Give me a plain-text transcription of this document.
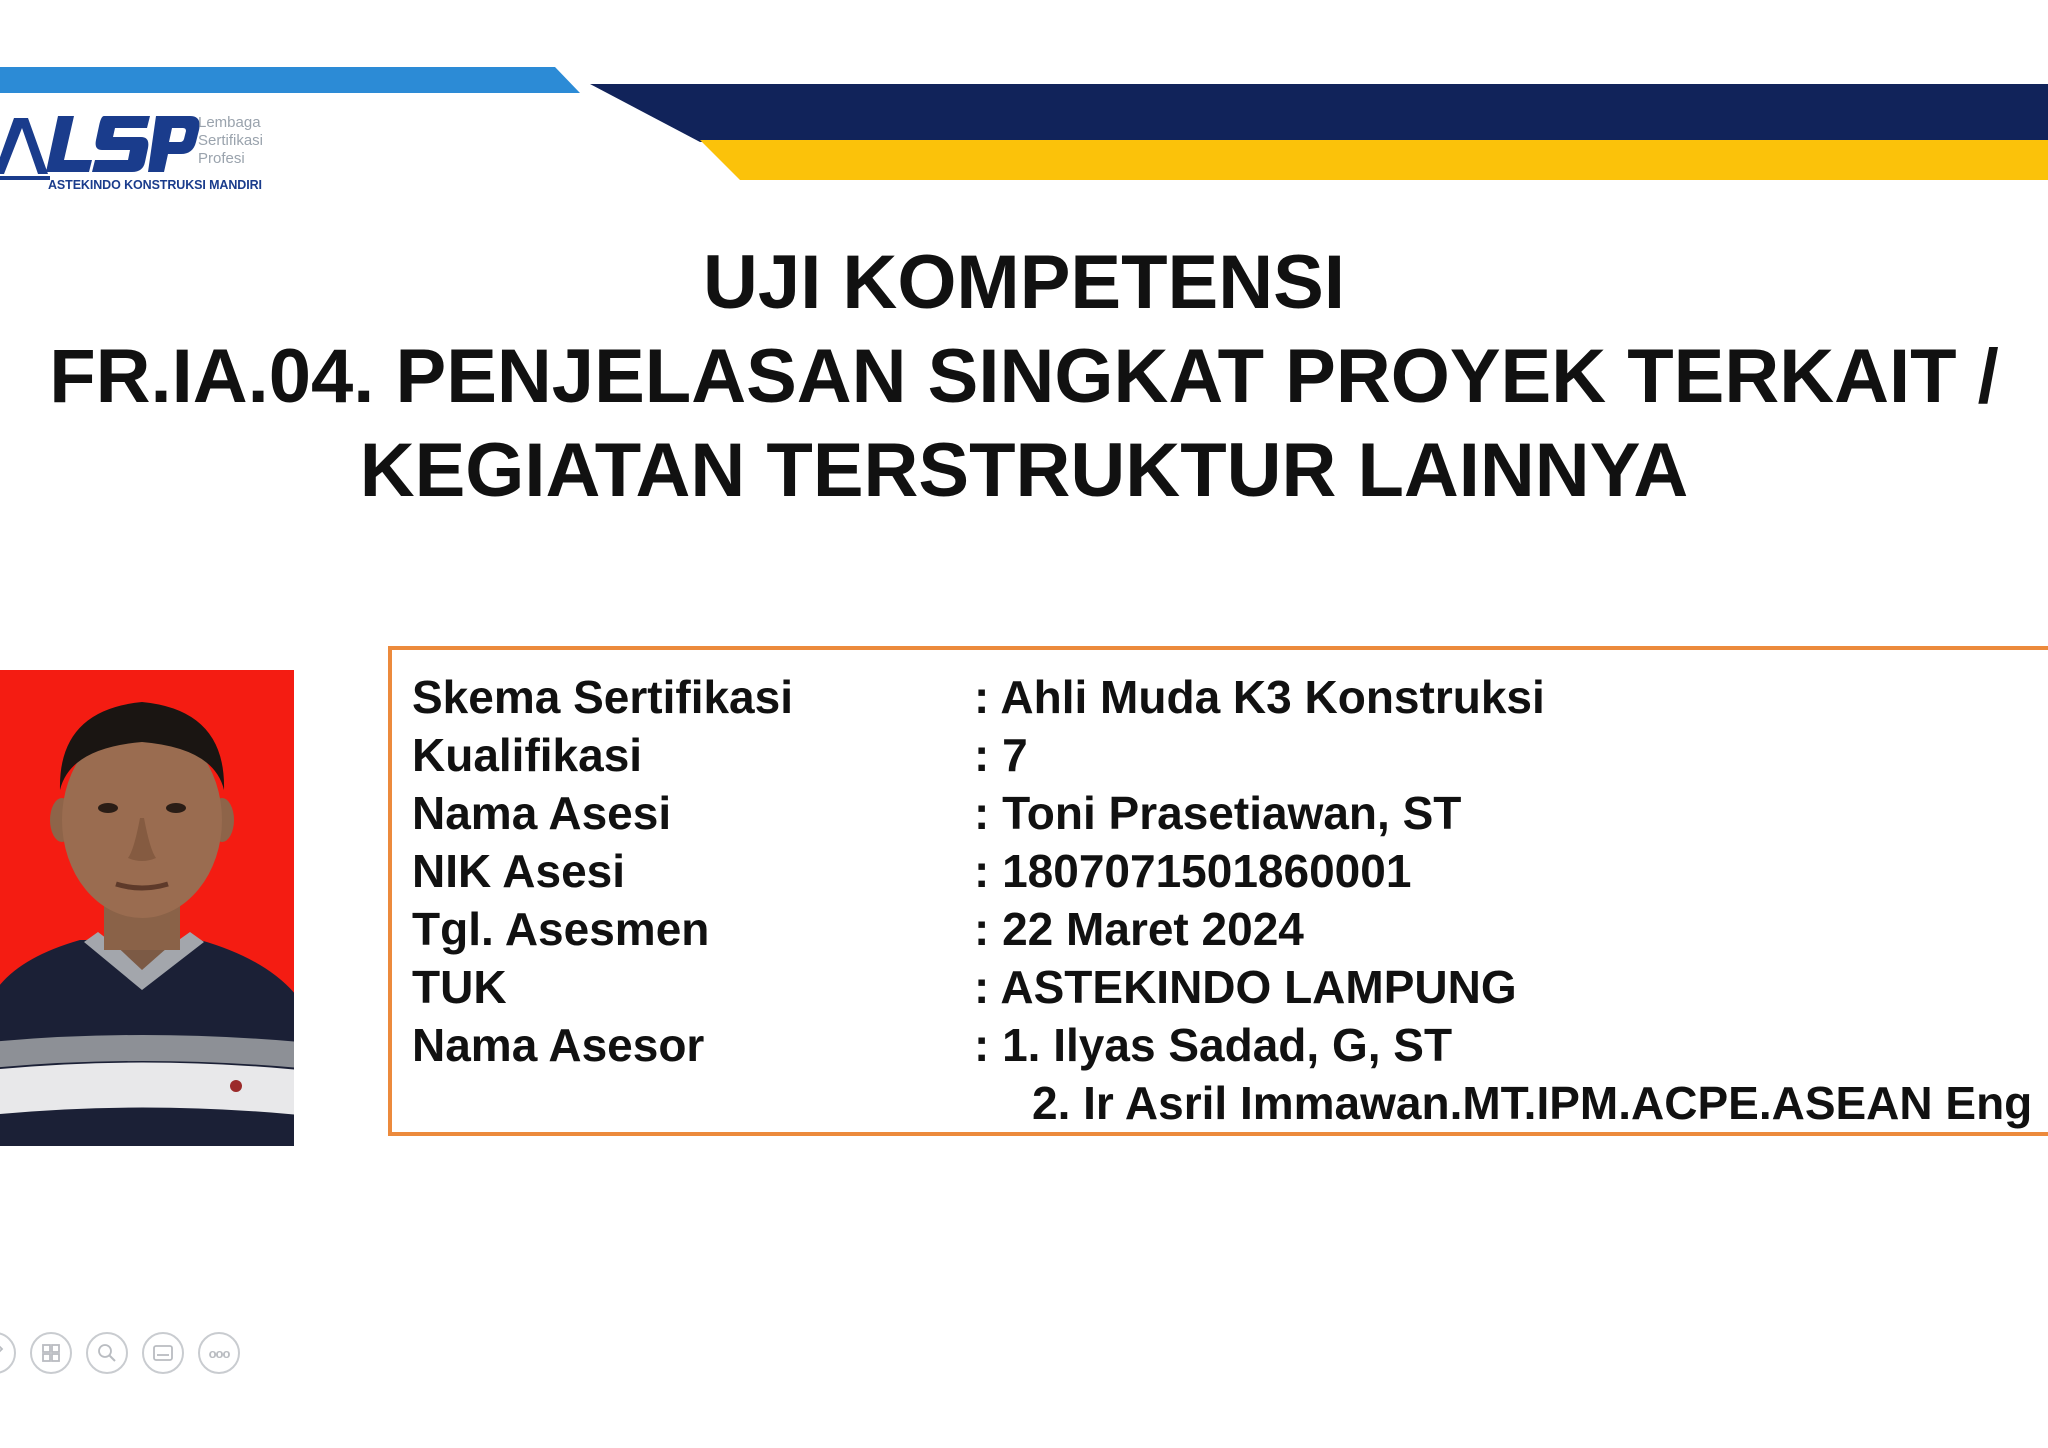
Lembaga
Sertifikasi
Profesi
ASTEKINDO KONSTRUKSI MANDIRI
UJI KOMPETENSI
FR.IA.04. PENJELASAN SINGKAT PROYEK TERKAIT /
KEGIATAN TERSTRUKTUR LAINNYA
Skema Sertifikasi	: Ahli Muda K3 Konstruksi
Kualifikasi	: 7
Nama Asesi	: Toni Prasetiawan, ST
NIK Asesi	: 1807071501860001
Tgl. Asesmen	: 22 Maret 2024
TUK	: ASTEKINDO LAMPUNG
Nama Asesor	: 1. Ilyas Sadad, G, ST
2. Ir Asril Immawan.MT.IPM.ACPE.ASEAN Eng
ooo
